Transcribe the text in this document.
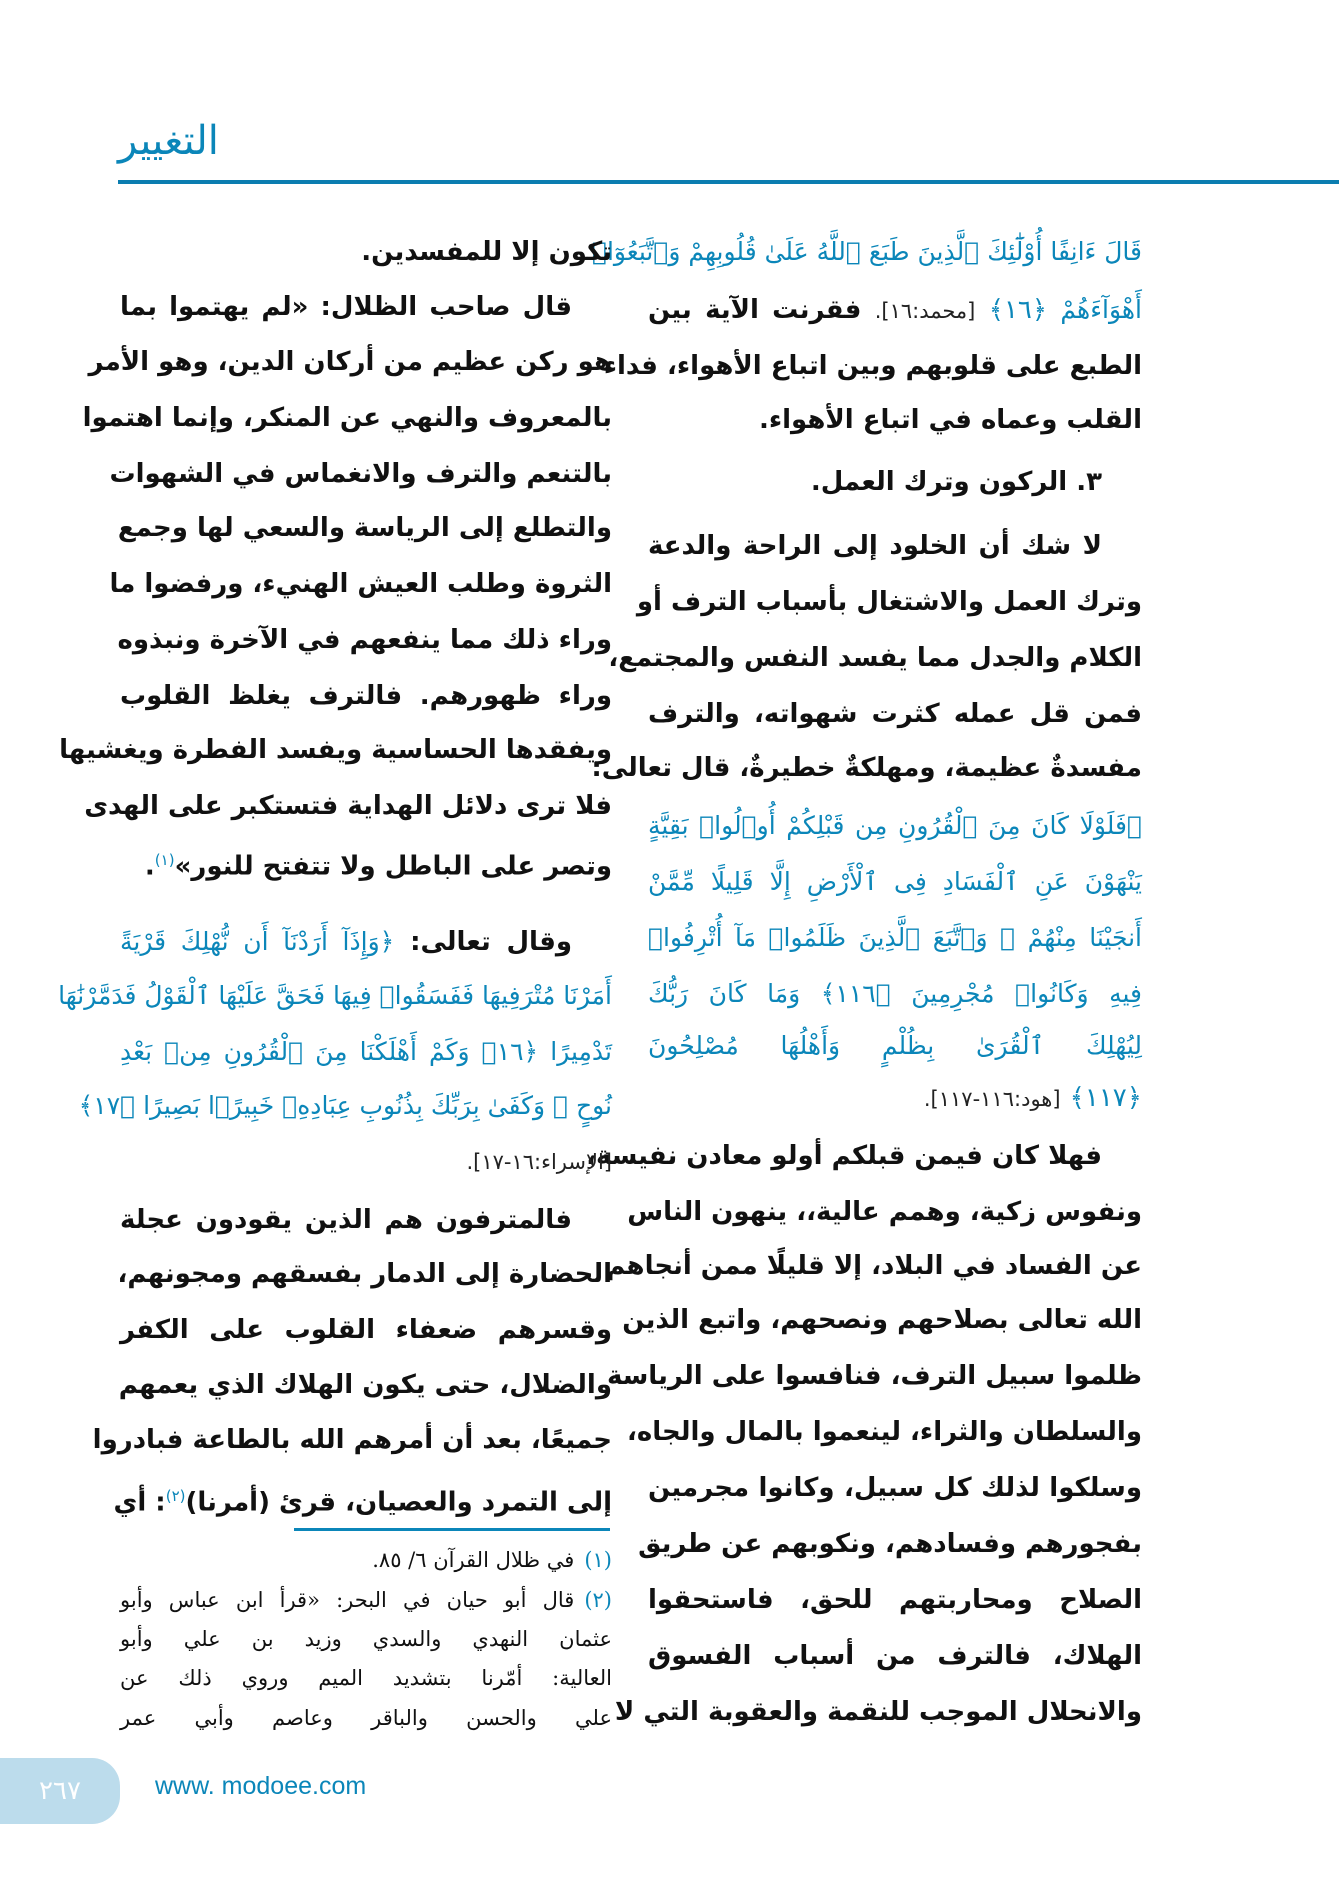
التغيير
قَالَ ءَانِفًا أُوْلَٰٓئِكَ ٱلَّذِينَ طَبَعَ ٱللَّهُ عَلَىٰ قُلُوبِهِمْ وَٱتَّبَعُوٓا۟
أَهْوَآءَهُمْ ﴿١٦﴾ [محمد:١٦]. فقرنت الآية بين
الطبع على قلوبهم وبين اتباع الأهواء، فداء
القلب وعماه في اتباع الأهواء.
٣. الركون وترك العمل.
لا شك أن الخلود إلى الراحة والدعة
وترك العمل والاشتغال بأسباب الترف أو
الكلام والجدل مما يفسد النفس والمجتمع،
فمن قل عمله كثرت شهواته، والترف
مفسدةٌ عظيمة، ومهلكةٌ خطيرةٌ، قال تعالى:
﴿فَلَوْلَا كَانَ مِنَ ٱلْقُرُونِ مِن قَبْلِكُمْ أُو۟لُوا۟ بَقِيَّةٍ
يَنْهَوْنَ عَنِ ٱلْفَسَادِ فِى ٱلْأَرْضِ إِلَّا قَلِيلًا مِّمَّنْ
أَنجَيْنَا مِنْهُمْ ۗ وَٱتَّبَعَ ٱلَّذِينَ ظَلَمُوا۟ مَآ أُتْرِفُوا۟
فِيهِ وَكَانُوا۟ مُجْرِمِينَ ﴿١١٦﴾ وَمَا كَانَ رَبُّكَ
لِيُهْلِكَ ٱلْقُرَىٰ بِظُلْمٍ وَأَهْلُهَا مُصْلِحُونَ
﴿١١٧﴾ [هود:١١٦-١١٧].
فهلا كان فيمن قبلكم أولو معادن نفيسة،
ونفوس زكية، وهمم عالية،، ينهون الناس
عن الفساد في البلاد، إلا قليلًا ممن أنجاهم
الله تعالى بصلاحهم ونصحهم، واتبع الذين
ظلموا سبيل الترف، فنافسوا على الرياسة
والسلطان والثراء، لينعموا بالمال والجاه،
وسلكوا لذلك كل سبيل، وكانوا مجرمين
بفجورهم وفسادهم، ونكوبهم عن طريق
الصلاح ومحاربتهم للحق، فاستحقوا
الهلاك، فالترف من أسباب الفسوق
والانحلال الموجب للنقمة والعقوبة التي لا
تكون إلا للمفسدين.
قال صاحب الظلال: «لم يهتموا بما
هو ركن عظيم من أركان الدين، وهو الأمر
بالمعروف والنهي عن المنكر، وإنما اهتموا
بالتنعم والترف والانغماس في الشهوات
والتطلع إلى الرياسة والسعي لها وجمع
الثروة وطلب العيش الهنيء، ورفضوا ما
وراء ذلك مما ينفعهم في الآخرة ونبذوه
وراء ظهورهم. فالترف يغلظ القلوب
ويفقدها الحساسية ويفسد الفطرة ويغشيها
فلا ترى دلائل الهداية فتستكبر على الهدى
وتصر على الباطل ولا تتفتح للنور»$^{(١)}$.
وقال تعالى: ﴿وَإِذَآ أَرَدْنَآ أَن نُّهْلِكَ قَرْيَةً
أَمَرْنَا مُتْرَفِيهَا فَفَسَقُوا۟ فِيهَا فَحَقَّ عَلَيْهَا ٱلْقَوْلُ فَدَمَّرْنَٰهَا
تَدْمِيرًا ﴿١٦﴾ وَكَمْ أَهْلَكْنَا مِنَ ٱلْقُرُونِ مِنۢ بَعْدِ
نُوحٍ ۗ وَكَفَىٰ بِرَبِّكَ بِذُنُوبِ عِبَادِهِۦ خَبِيرًۢا بَصِيرًا ﴿١٧﴾
[الإسراء:١٦-١٧].
فالمترفون هم الذين يقودون عجلة
الحضارة إلى الدمار بفسقهم ومجونهم،
وقسرهم ضعفاء القلوب على الكفر
والضلال، حتى يكون الهلاك الذي يعمهم
جميعًا، بعد أن أمرهم الله بالطاعة فبادروا
إلى التمرد والعصيان، قرئ (أمرنا)$^{(٢)}$: أي
(١)في ظلال القرآن ٦/ ٨٥.
(٢)قال أبو حيان في البحر: «قرأ ابن عباس وأبو
عثمان النهدي والسدي وزيد بن علي وأبو
العالية: أمّرنا بتشديد الميم وروي ذلك عن
علي والحسن والباقر وعاصم وأبي عمر
٢٦٧	www. modoee.com
